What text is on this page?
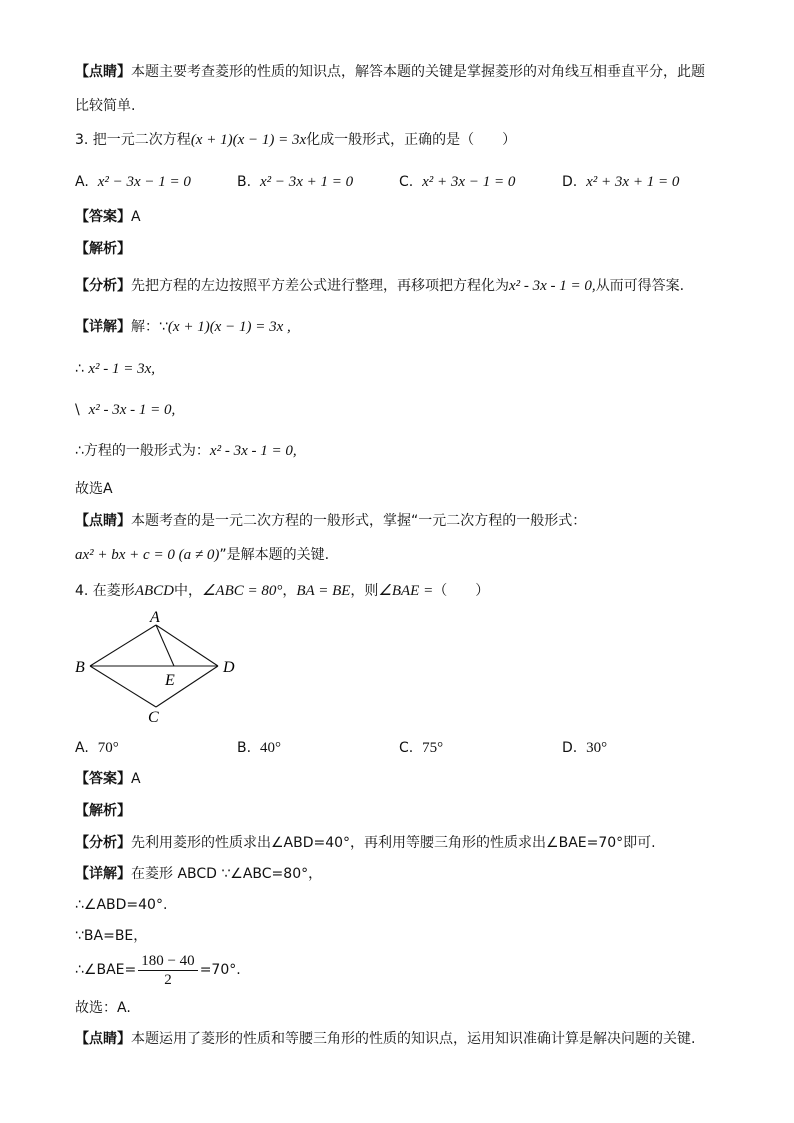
【点睛】本题主要考查菱形的性质的知识点，解答本题的关键是掌握菱形的对角线互相垂直平分，此题
比较简单.
3. 把一元二次方程(x + 1)(x − 1) = 3x化成一般形式，正确的是（　　）
A. x² − 3x − 1 = 0	B. x² − 3x + 1 = 0	C. x² + 3x − 1 = 0	D. x² + 3x + 1 = 0
【答案】A
【解析】
【分析】先把方程的左边按照平方差公式进行整理，再移项把方程化为x² - 3x - 1 = 0,从而可得答案.
【详解】解：∵(x + 1)(x − 1) = 3x ,
∴ x² - 1 = 3x,
\ x² - 3x - 1 = 0,
∴方程的一般形式为：x² - 3x - 1 = 0,
故选A
【点睛】本题考查的是一元二次方程的一般形式，掌握“一元二次方程的一般形式：
ax² + bx + c = 0 (a ≠ 0)”是解本题的关键.
4. 在菱形ABCD中，∠ABC = 80°，BA = BE，则∠BAE =（　　）
A
B	D
E
C
A. 70°	B. 40°	C. 75°	D. 30°
【答案】A
【解析】
【分析】先利用菱形的性质求出∠ABD=40°，再利用等腰三角形的性质求出∠BAE=70°即可.
【详解】在菱形 ABCD ∵∠ABC=80°，
∴∠ABD=40°.
∵BA=BE，
∴∠BAE= $\frac{180 - 40}{2} =70^\circ$.
故选：A.
【点睛】本题运用了菱形的性质和等腰三角形的性质的知识点，运用知识准确计算是解决问题的关键.
